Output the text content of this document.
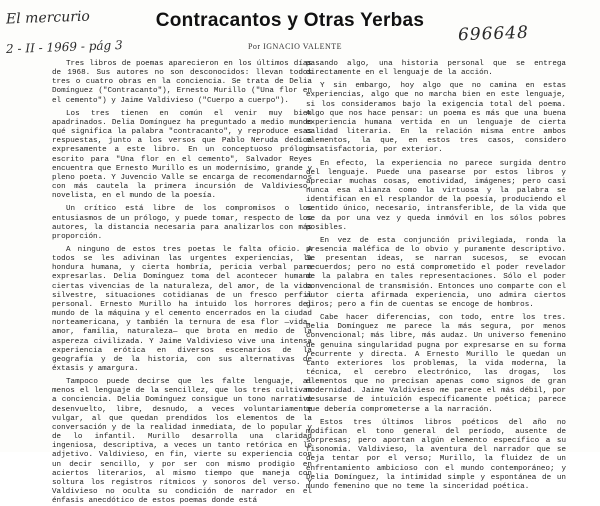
El mercurio
2 - II - 1969 - pág 3
696648
Contracantos y Otras Yerbas
Por IGNACIO VALENTE

Tres libros de poemas aparecieron en los últimos días de 1968. Sus autores no son desconocidos: llevan todos tres o cuatro obras en la conciencia. Se trata de Delia Domínguez ("Contracanto"), Ernesto Murillo ("Una flor en el cemento") y Jaime Valdivieso ("Cuerpo a cuerpo").

Los tres tienen en común el venir muy bien apadrinados. Delia Domínguez ha preguntado a medio mundo qué significa la palabra "contracanto", y reproduce esas respuestas, junto a los versos que Pablo Neruda dedica expresamente a este libro. En un conceptuoso prólogo escrito para "Una flor en el cemento", Salvador Reyes encuentra que Ernesto Murillo es un modernísimo, grande y pleno poeta. Y Juvencio Valle se encarga de recomendarnos con más cautela la primera incursión de Valdivieso, novelista, en el mundo de la poesía.

Un crítico está libre de los compromisos o los entusiasmos de un prólogo, y puede tomar, respecto de los autores, la distancia necesaria para analizarlos con más proporción.

A ninguno de estos tres poetas le falta oficio. A todos se les adivinan las urgentes experiencias, la hondura humana, y cierta hombría, pericia verbal para expresarlas. Delia Domínguez toma del acontecer humano ciertas vivencias de la naturaleza, del amor, de la vida silvestre, situaciones cotidianas de un fresco perfil personal. Ernesto Murillo ha intuido los horrores del mundo de la máquina y el cemento encerrados en la ciudad norteamericana, y también la ternura de esa flor —vida, amor, familia, naturaleza— que brota en medio de la aspereza civilizada. Y Jaime Valdivieso vive una intensa experiencia erótica en diversos escenarios de la geografía y de la historia, con sus alternativas de éxtasis y amargura.

Tampoco puede decirse que les falte lenguaje, al menos el lenguaje de la sencillez, que los tres cultivan a conciencia. Delia Domínguez consigue un tono narrativo desenvuelto, libre, desnudo, a veces voluntariamente vulgar, al que quedan prendidos los elementos de la conversación y de la realidad inmediata, de lo popular y de lo infantil. Murillo desarrolla una claridad ingeniosa, descriptiva, a veces un tanto retórica en lo adjetivo. Valdivieso, en fin, vierte su experiencia con un decir sencillo, y por ser con mismo prodigio en aciertos literarios, al mismo tiempo que maneja con soltura los registros rítmicos y sonoros del verso. Y Valdivieso no oculta su condición de narrador en el énfasis anecdótico de estos poemas donde está

pasando algo, una historia personal que se entrega directamente en el lenguaje de la acción.

Y sin embargo, hoy algo que no camina en estas experiencias, algo que no marcha bien en este lenguaje, si los consideramos bajo la exigencia total del poema. Algo que nos hace pensar: un poema es más que una buena experiencia humana vertida en un lenguaje de cierta calidad literaria. En la relación misma entre ambos elementos, la que, en estos tres casos, considero insatisfactoria, por exterior.

En efecto, la experiencia no parece surgida dentro del lenguaje. Puede una pasearse por estos libros y apreciar muchas cosas, emotividad, imágenes; pero casi nunca esa alianza como la virtuosa y la palabra se identifican en el resplandor de la poesía, produciendo el sentido único, necesario, intransferible, de la vida que se da por una vez y queda inmóvil en los sólos pobres posibles.

En vez de esta conjunción privilegiada, ronda la presencia maléfica de lo obvio y puramente descriptivo. Se presentan ideas, se narran sucesos, se evocan recuerdos; pero no está comprometido el poder revelador de la palabra en tales representaciones. Sólo el poder convencional de transmisión. Entonces uno comparte con el autor cierta afirmada experiencia, uno admira ciertos giros; pero a fin de cuentas se encoge de hombros.

Cabe hacer diferencias, con todo, entre los tres. Delia Domínguez me parece la más segura, por menos convencional; más libre, más audaz. Un universo femenino de genuina singularidad pugna por expresarse en su forma recurrente y directa. A Ernesto Murillo le quedan un tanto exteriores los problemas, la vida moderna, la técnica, el cerebro electrónico, las drogas, los elementos que no precisan apenas como signos de gran modernidad. Jaime Valdivieso me parece el más débil, por desusarse de intuición específicamente poética; parece que debería comprometerse a la narración.

Estos tres últimos libros poéticos del año no modifican el tono general del período, ausente de sorpresas; pero aportan algún elemento específico a su fisonomía. Valdivieso, la aventura del narrador que se deja tentar por el verso; Murillo, la fluidez de un enfrentamiento ambicioso con el mundo contemporáneo; y Delia Domínguez, la intimidad simple y espontánea de un mundo femenino que no teme la sinceridad poética.
